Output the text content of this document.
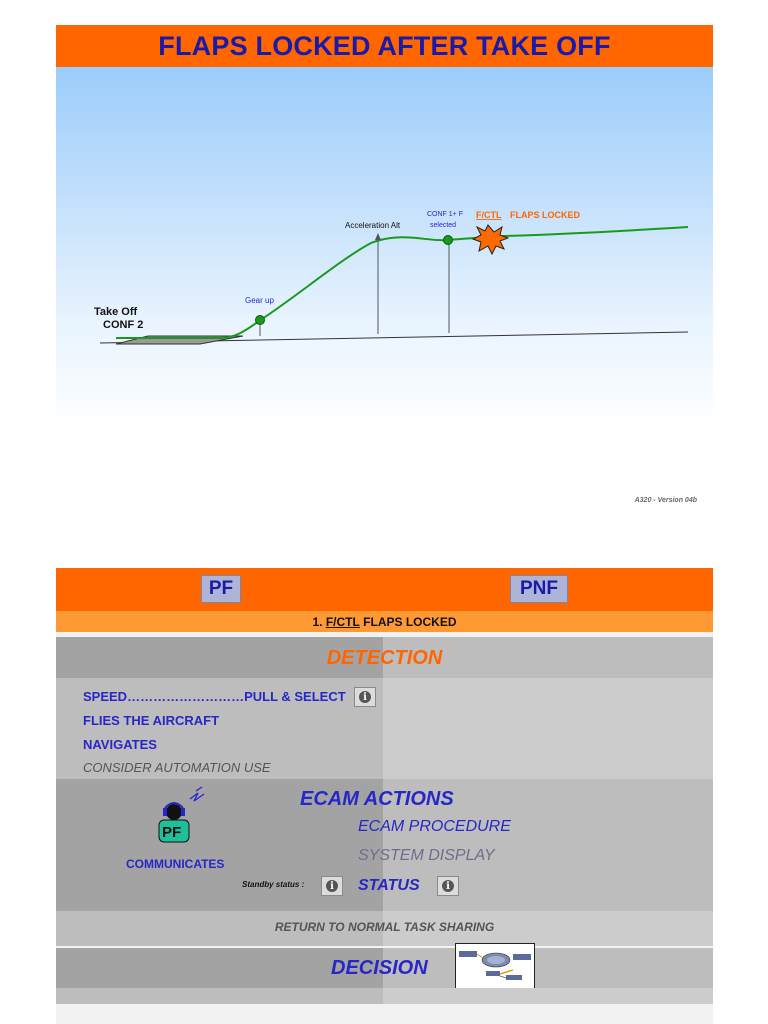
FLAPS LOCKED AFTER TAKE OFF
A320 - Version 04b
Take Off
CONF 2
Gear up
Acceleration Alt
CONF 1+ F
selected
F/CTL FLAPS LOCKED
PF	PNF
1.
F/CTL
FLAPS LOCKED
DETECTION
SPEED………………………PULL & SELECT	i
FLIES THE AIRCRAFT
NAVIGATES
CONSIDER AUTOMATION USE
PF
ECAM ACTIONS
ECAM PROCEDURE
SYSTEM DISPLAY
STATUS	i
COMMUNICATES
Standby status :	i
RETURN TO NORMAL TASK SHARING
DECISION
